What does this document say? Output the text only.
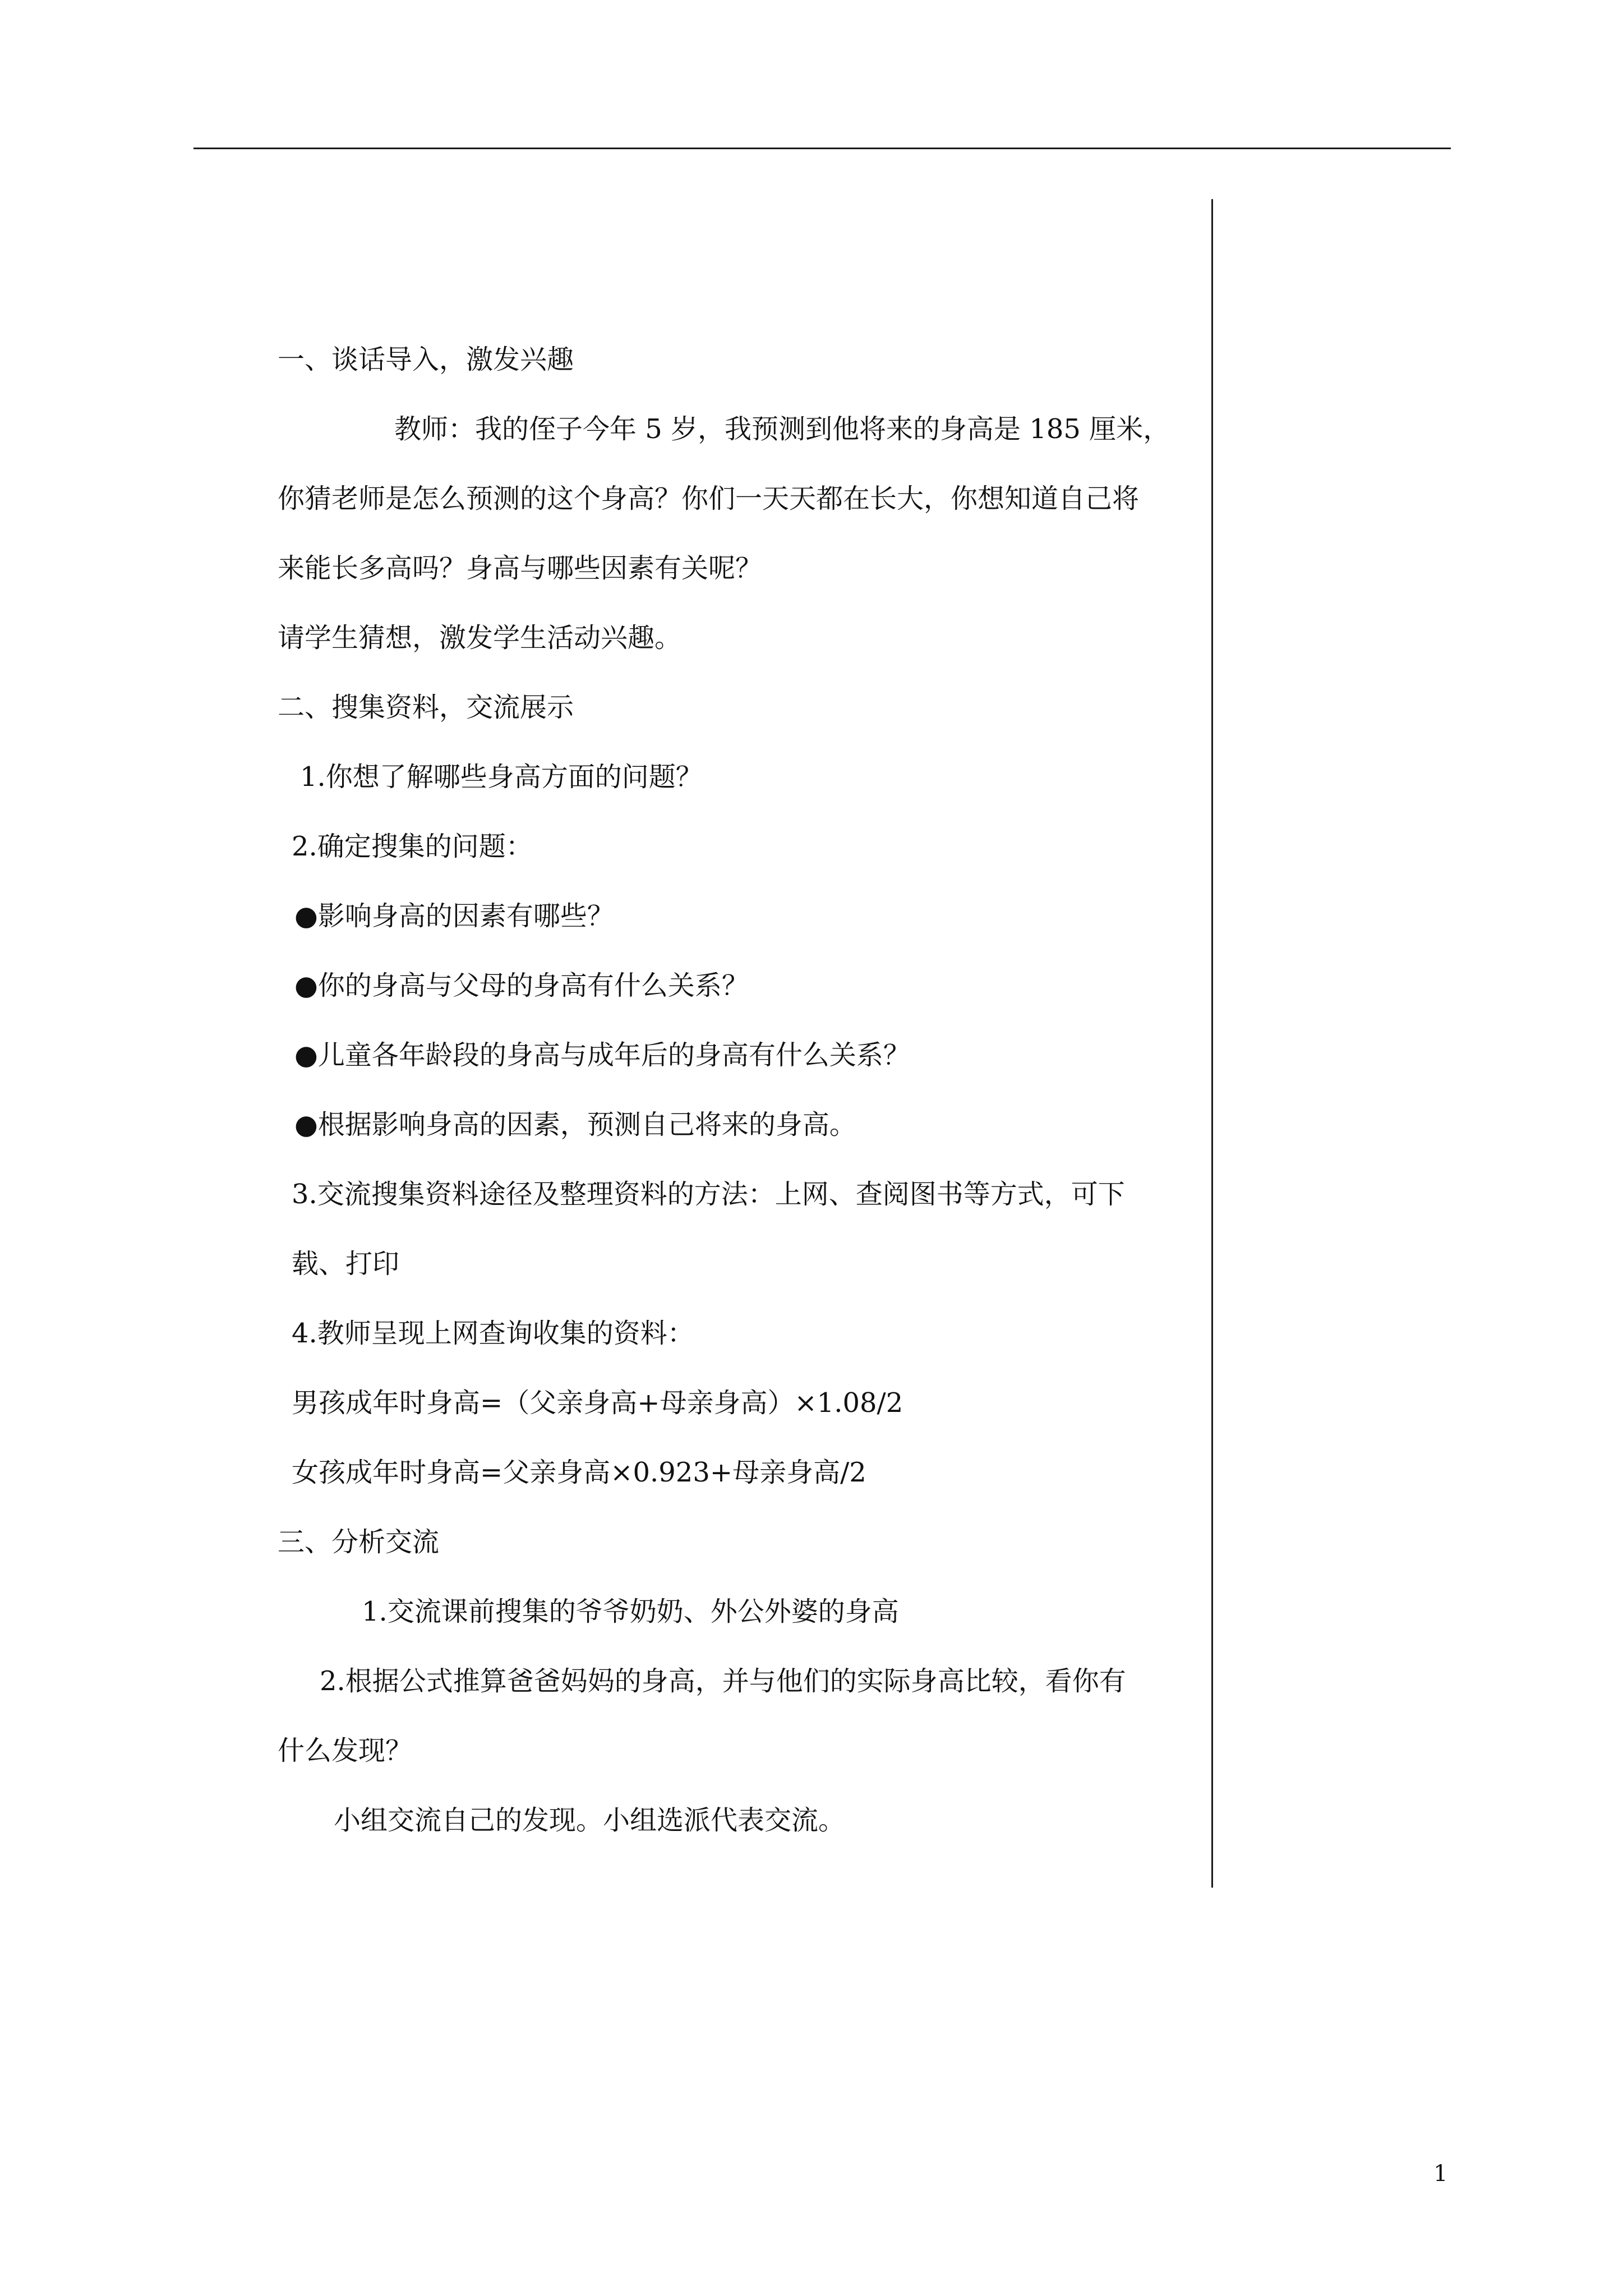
一、谈话导入，激发兴趣
教师：我的侄子今年 5 岁，我预测到他将来的身高是 185 厘米，
你猜老师是怎么预测的这个身高？你们一天天都在长大，你想知道自己将
来能长多高吗？身高与哪些因素有关呢？
请学生猜想，激发学生活动兴趣。
二、搜集资料，交流展示
1.你想了解哪些身高方面的问题？
2.确定搜集的问题：
●影响身高的因素有哪些？
●你的身高与父母的身高有什么关系？
●儿童各年龄段的身高与成年后的身高有什么关系？
●根据影响身高的因素，预测自己将来的身高。
3.交流搜集资料途径及整理资料的方法：上网、查阅图书等方式，可下
载、打印
4.教师呈现上网查询收集的资料：
男孩成年时身高=（父亲身高+母亲身高）×1.08/2
女孩成年时身高=父亲身高×0.923+母亲身高/2
三、分析交流
1.交流课前搜集的爷爷奶奶、外公外婆的身高
2.根据公式推算爸爸妈妈的身高，并与他们的实际身高比较，看你有
什么发现？
小组交流自己的发现。小组选派代表交流。
1
